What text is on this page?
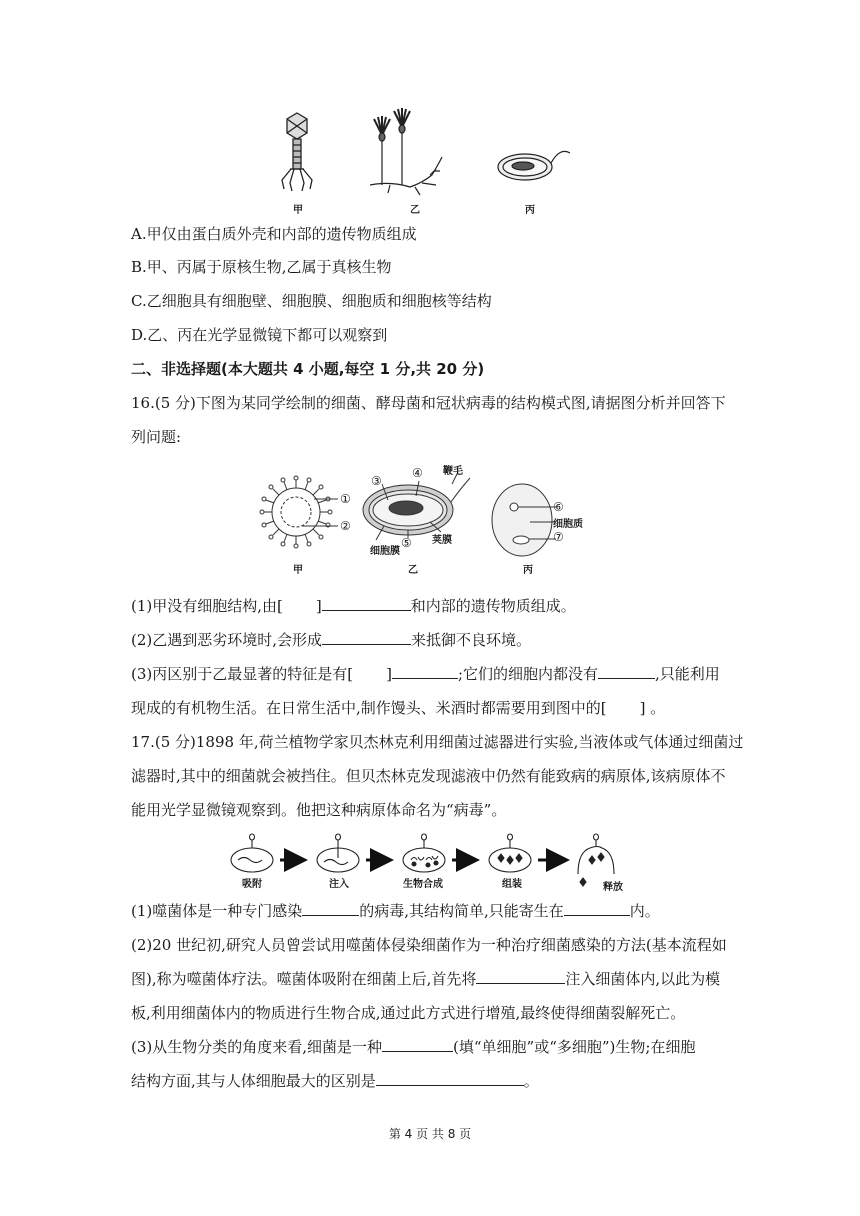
甲	乙	丙
A.甲仅由蛋白质外壳和内部的遗传物质组成
B.甲、丙属于原核生物,乙属于真核生物
C.乙细胞具有细胞壁、细胞膜、细胞质和细胞核等结构
D.乙、丙在光学显微镜下都可以观察到
二、非选择题(本大题共 4 小题,每空 1 分,共 20 分)
16.(5 分)下图为某同学绘制的细菌、酵母菌和冠状病毒的结构模式图,请据图分析并回答下
列问题:
①
②
③
④ 鞭毛
细胞膜
⑤ 荚膜
⑥
细胞质
⑦
甲	乙	丙
(1)甲没有细胞结构,由[ ]	和内部的遗传物质组成。
(2)乙遇到恶劣环境时,会形成	来抵御不良环境。
(3)丙区别于乙最显著的特征是有[ ]	;它们的细胞内都没有	,只能利用
现成的有机物生活。在日常生活中,制作馒头、米酒时都需要用到图中的[ ] 。
17.(5 分)1898 年,荷兰植物学家贝杰林克利用细菌过滤器进行实验,当液体或气体通过细菌过
滤器时,其中的细菌就会被挡住。但贝杰林克发现滤液中仍然有能致病的病原体,该病原体不
能用光学显微镜观察到。他把这种病原体命名为“病毒”。
吸附	注入	生物合成	组装	释放
(1)噬菌体是一种专门感染	的病毒,其结构简单,只能寄生在	内。
(2)20 世纪初,研究人员曾尝试用噬菌体侵染细菌作为一种治疗细菌感染的方法(基本流程如
图),称为噬菌体疗法。噬菌体吸附在细菌上后,首先将	注入细菌体内,以此为模
板,利用细菌体内的物质进行生物合成,通过此方式进行增殖,最终使得细菌裂解死亡。
(3)从生物分类的角度来看,细菌是一种	(填“单细胞”或“多细胞”)生物;在细胞
结构方面,其与人体细胞最大的区别是	。
第 4 页 共 8 页
